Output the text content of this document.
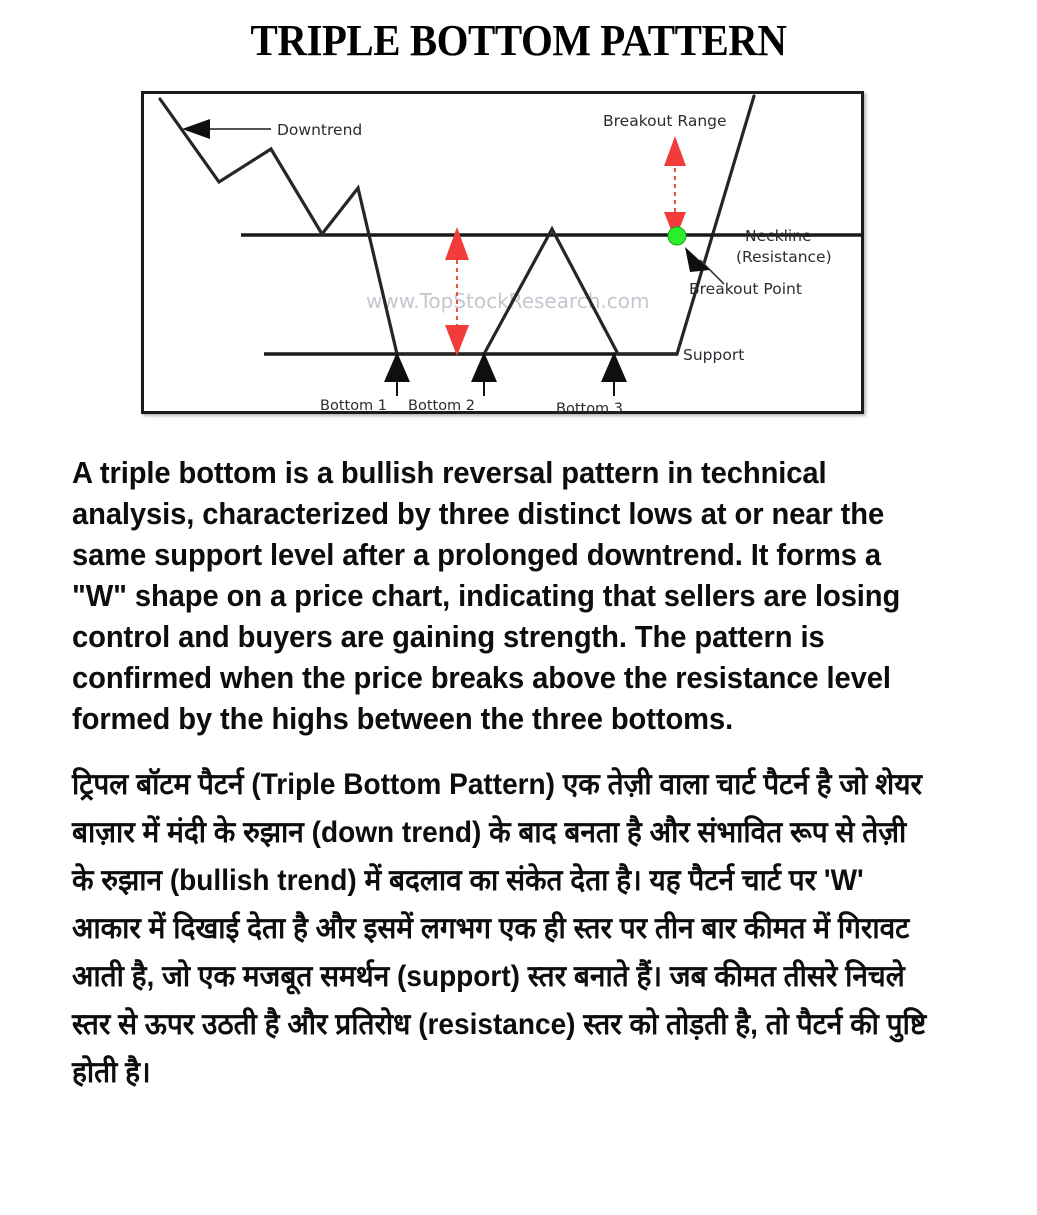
TRIPLE BOTTOM PATTERN
www.TopStockResearch.com
Downtrend	Breakout Range
Neckline
(Resistance)
Breakout Point
Support
Bottom 1 Bottom 2	Bottom 3

A triple bottom is a bullish reversal pattern in technical analysis, characterized by three distinct lows at or near the same support level after a prolonged downtrend. It forms a "W" shape on a price chart, indicating that sellers are losing control and buyers are gaining strength. The pattern is confirmed when the price breaks above the resistance level formed by the highs between the three bottoms.

ट्रिपल बॉटम पैटर्न (Triple Bottom Pattern) एक तेज़ी वाला चार्ट पैटर्न है जो शेयर बाज़ार में मंदी के रुझान (down trend) के बाद बनता है और संभावित रूप से तेज़ी के रुझान (bullish trend) में बदलाव का संकेत देता है। यह पैटर्न चार्ट पर 'W' आकार में दिखाई देता है और इसमें लगभग एक ही स्तर पर तीन बार कीमत में गिरावट आती है, जो एक मजबूत समर्थन (support) स्तर बनाते हैं। जब कीमत तीसरे निचले स्तर से ऊपर उठती है और प्रतिरोध (resistance) स्तर को तोड़ती है, तो पैटर्न की पुष्टि होती है।
